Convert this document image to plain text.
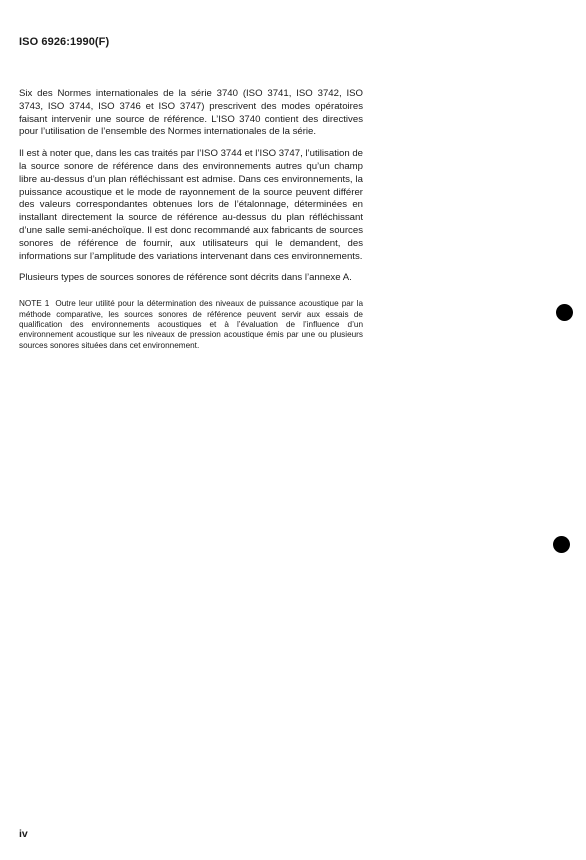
ISO 6926:1990(F)

Six des Normes internationales de la série 3740 (ISO 3741, ISO 3742, ISO 3743, ISO 3744, ISO 3746 et ISO 3747) prescrivent des modes opératoires faisant intervenir une source de référence. L’ISO 3740 contient des directives pour l’utilisation de l’ensemble des Normes internationales de la série.

Il est à noter que, dans les cas traités par l’ISO 3744 et l’ISO 3747, l’utilisation de la source sonore de référence dans des environnements autres qu’un champ libre au-dessus d’un plan réfléchissant est admise. Dans ces environnements, la puissance acoustique et le mode de rayonnement de la source peuvent différer des valeurs correspondantes obtenues lors de l’étalonnage, déterminées en installant directement la source de référence au-dessus du plan réfléchissant d’une salle semi-anéchoïque. Il est donc recommandé aux fabricants de sources sonores de référence de fournir, aux utilisateurs qui le demandent, des informations sur l’amplitude des variations intervenant dans ces environnements.

Plusieurs types de sources sonores de référence sont décrits dans l’annexe A.

NOTE 1 Outre leur utilité pour la détermination des niveaux de puissance acoustique par la méthode comparative, les sources sonores de référence peuvent servir aux essais de qualification des environnements acoustiques et à l’évaluation de l’influence d’un environnement acoustique sur les niveaux de pression acoustique émis par une ou plusieurs sources sonores situées dans cet environnement.
iv
